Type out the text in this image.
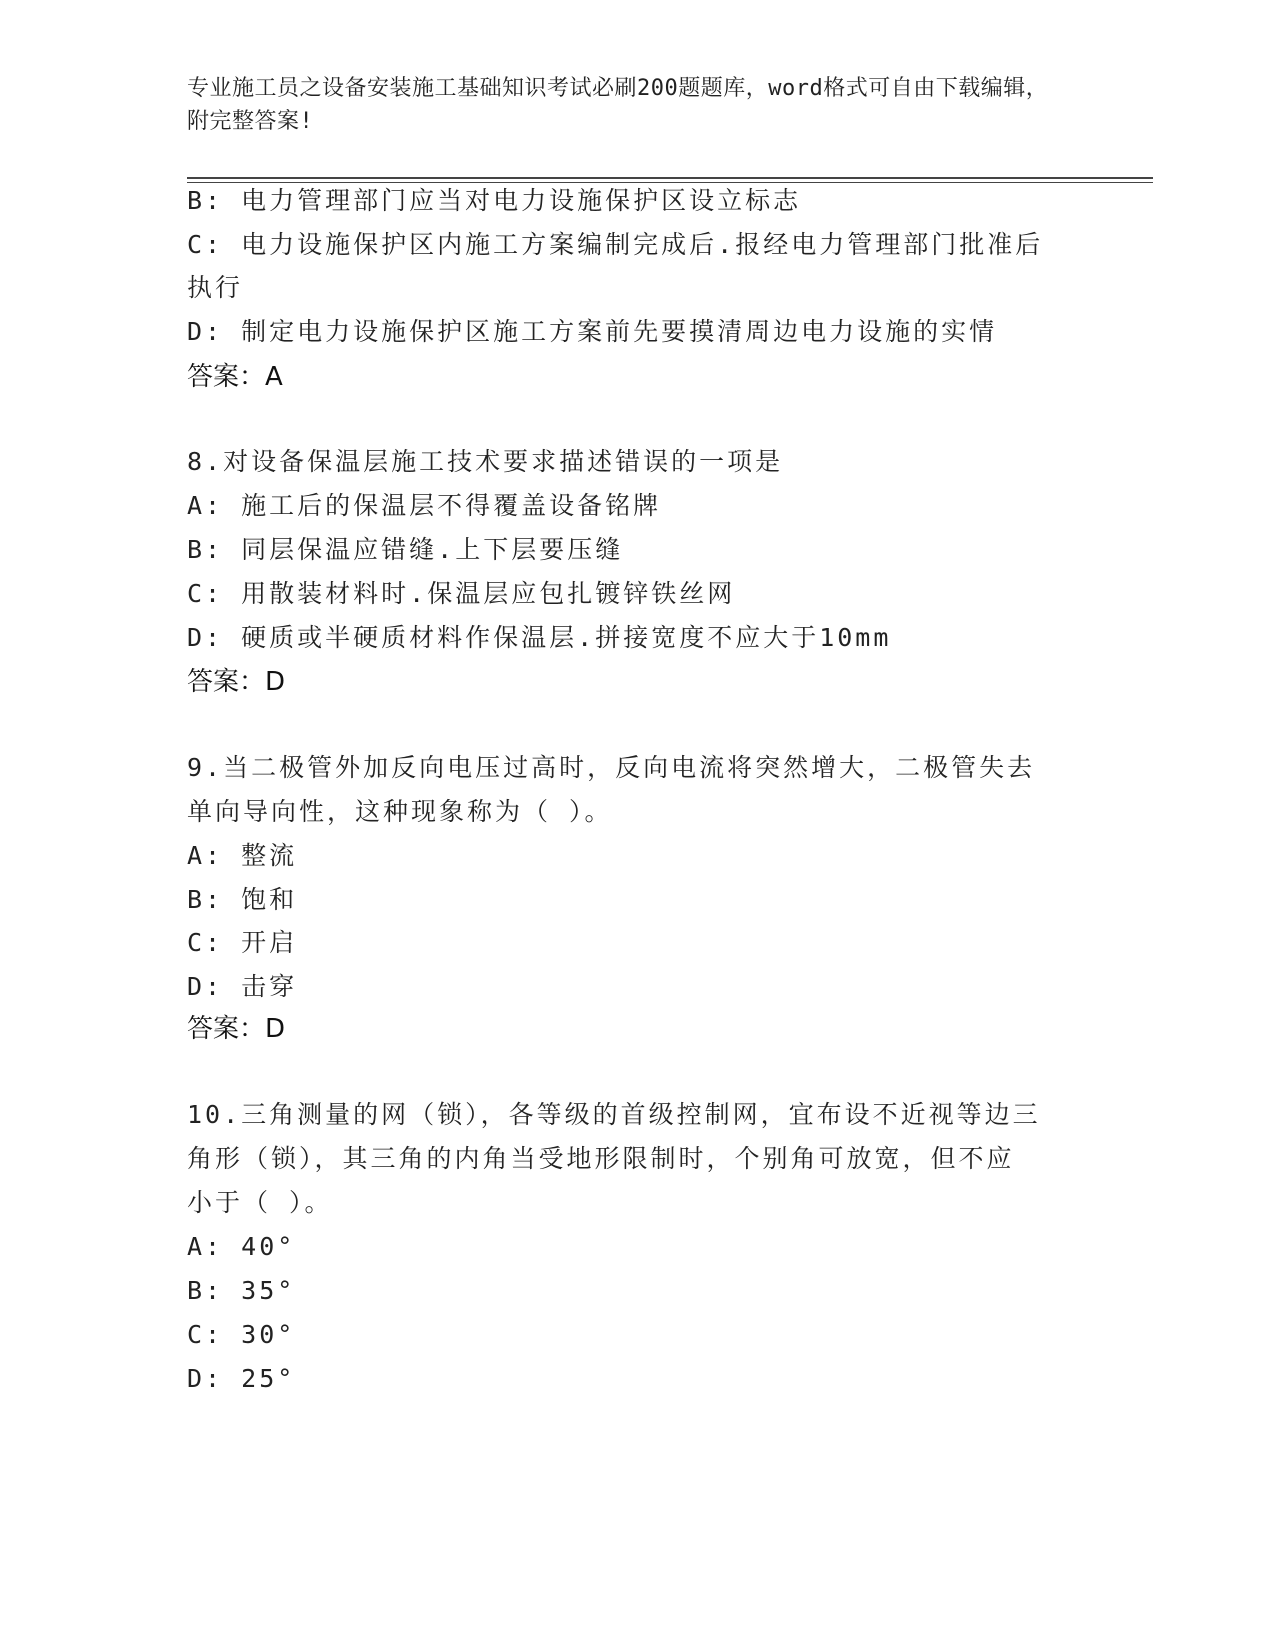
专业施工员之设备安装施工基础知识考试必刷200题题库，word格式可自由下载编辑，附完整答案!
B: 电力管理部门应当对电力设施保护区设立标志
C: 电力设施保护区内施工方案编制完成后.报经电力管理部门批准后
执行
D: 制定电力设施保护区施工方案前先要摸清周边电力设施的实情
答案：A
8.对设备保温层施工技术要求描述错误的一项是
A: 施工后的保温层不得覆盖设备铭牌
B: 同层保温应错缝.上下层要压缝
C: 用散装材料时.保温层应包扎镀锌铁丝网
D: 硬质或半硬质材料作保温层.拼接宽度不应大于10mm
答案：D
9.当二极管外加反向电压过高时，反向电流将突然增大，二极管失去
单向导向性，这种现象称为（ ）。
A: 整流
B: 饱和
C: 开启
D: 击穿
答案：D
10.三角测量的网（锁），各等级的首级控制网，宜布设不近视等边三
角形（锁），其三角的内角当受地形限制时，个别角可放宽，但不应
小于（ ）。
A: 40°
B: 35°
C: 30°
D: 25°
